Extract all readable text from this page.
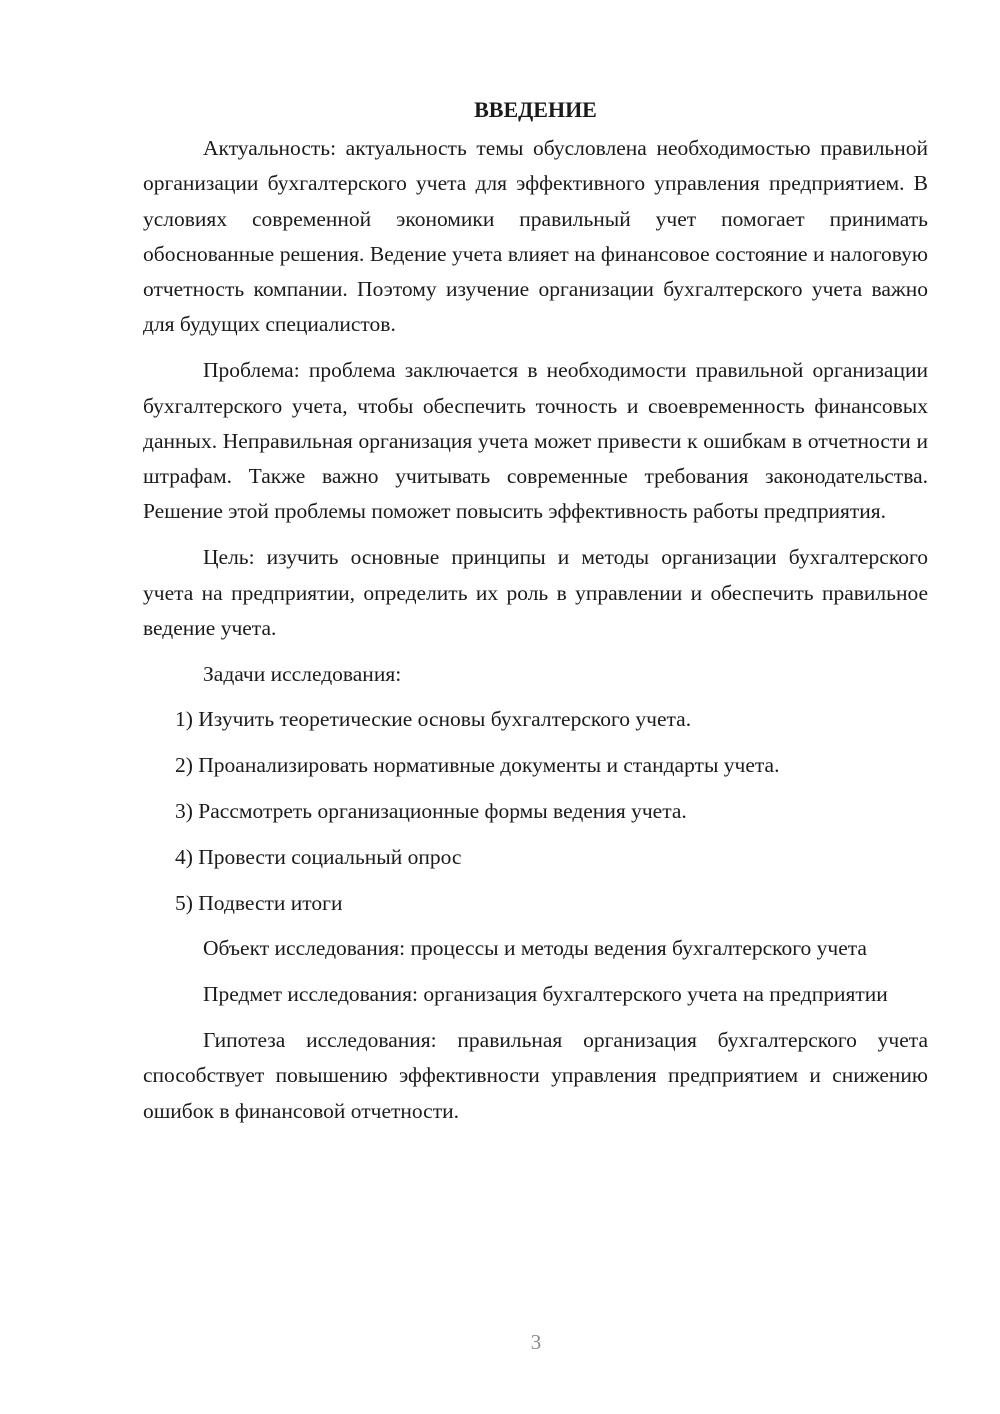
ВВЕДЕНИЕ

Актуальность: актуальность темы обусловлена необходимостью правильной организации бухгалтерского учета для эффективного управления предприятием. В условиях современной экономики правильный учет помогает принимать обоснованные решения. Ведение учета влияет на финансовое состояние и налоговую отчетность компании. Поэтому изучение организации бухгалтерского учета важно для будущих специалистов.

Проблема: проблема заключается в необходимости правильной организации бухгалтерского учета, чтобы обеспечить точность и своевременность финансовых данных. Неправильная организация учета может привести к ошибкам в отчетности и штрафам. Также важно учитывать современные требования законодательства. Решение этой проблемы поможет повысить эффективность работы предприятия.

Цель: изучить основные принципы и методы организации бухгалтерского учета на предприятии, определить их роль в управлении и обеспечить правильное ведение учета.

Задачи исследования:

1) Изучить теоретические основы бухгалтерского учета.
2) Проанализировать нормативные документы и стандарты учета.
3) Рассмотреть организационные формы ведения учета.
4) Провести социальный опрос
5) Подвести итоги

Объект исследования: процессы и методы ведения бухгалтерского учета

Предмет исследования: организация бухгалтерского учета на предприятии

Гипотеза исследования: правильная организация бухгалтерского учета способствует повышению эффективности управления предприятием и снижению ошибок в финансовой отчетности.

3
